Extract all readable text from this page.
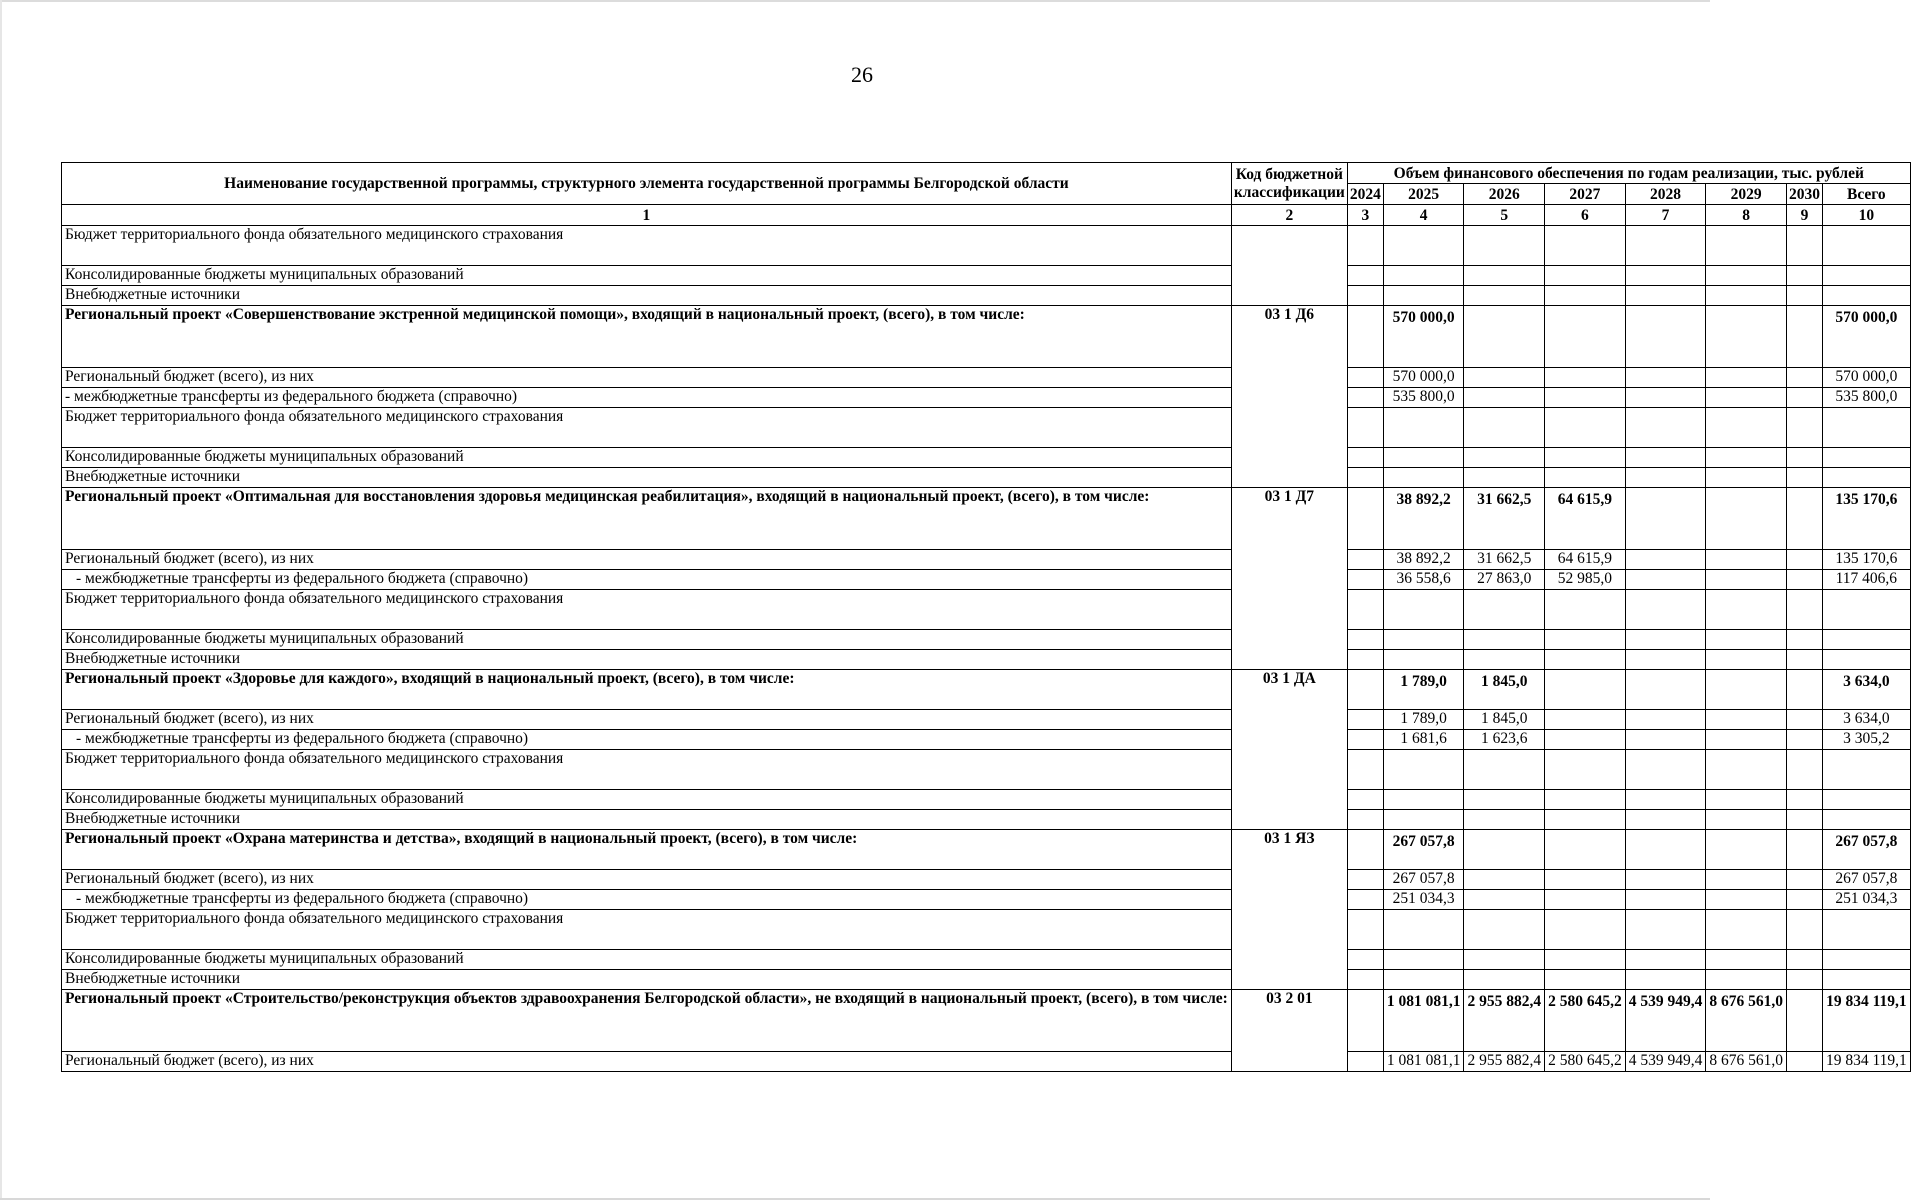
26
Наименование государственной программы, структурного элемента государственной программы Белгородской области	Код бюджетной классификации	Объем финансового обеспечения по годам реализации, тыс. рублей							
		2024	2025	2026	2027	2028	2029	2030	Всего
1	2	3	4	5	6	7	8	9	10
Бюджет территориального фонда обязательного медицинского страхования									
Консолидированные бюджеты муниципальных образований									
Внебюджетные источники									
Региональный проект «Совершенствование экстренной медицинской помощи», входящий в национальный проект, (всего), в том числе:	03 1 Д6		570 000,0						570 000,0
Региональный бюджет (всего), из них			570 000,0						570 000,0
- межбюджетные трансферты из федерального бюджета (справочно)			535 800,0						535 800,0
Бюджет территориального фонда обязательного медицинского страхования									
Консолидированные бюджеты муниципальных образований									
Внебюджетные источники									
Региональный проект «Оптимальная для восстановления здоровья медицинская реабилитация», входящий в национальный проект, (всего), в том числе:	03 1 Д7		38 892,2	31 662,5	64 615,9				135 170,6
Региональный бюджет (всего), из них			38 892,2	31 662,5	64 615,9				135 170,6
- межбюджетные трансферты из федерального бюджета (справочно)			36 558,6	27 863,0	52 985,0				117 406,6
Бюджет территориального фонда обязательного медицинского страхования									
Консолидированные бюджеты муниципальных образований									
Внебюджетные источники									
Региональный проект «Здоровье для каждого», входящий в национальный проект, (всего), в том числе:	03 1 ДА		1 789,0	1 845,0					3 634,0
Региональный бюджет (всего), из них			1 789,0	1 845,0					3 634,0
- межбюджетные трансферты из федерального бюджета (справочно)			1 681,6	1 623,6					3 305,2
Бюджет территориального фонда обязательного медицинского страхования									
Консолидированные бюджеты муниципальных образований									
Внебюджетные источники									
Региональный проект «Охрана материнства и детства», входящий в национальный проект, (всего), в том числе:	03 1 ЯЗ		267 057,8						267 057,8
Региональный бюджет (всего), из них			267 057,8						267 057,8
- межбюджетные трансферты из федерального бюджета (справочно)			251 034,3						251 034,3
Бюджет территориального фонда обязательного медицинского страхования									
Консолидированные бюджеты муниципальных образований									
Внебюджетные источники									
Региональный проект «Строительство/реконструкция объектов здравоохранения Белгородской области», не входящий в национальный проект, (всего), в том числе:	03 2 01		1 081 081,1	2 955 882,4	2 580 645,2	4 539 949,4	8 676 561,0		19 834 119,1
Региональный бюджет (всего), из них			1 081 081,1	2 955 882,4	2 580 645,2	4 539 949,4	8 676 561,0		19 834 119,1
